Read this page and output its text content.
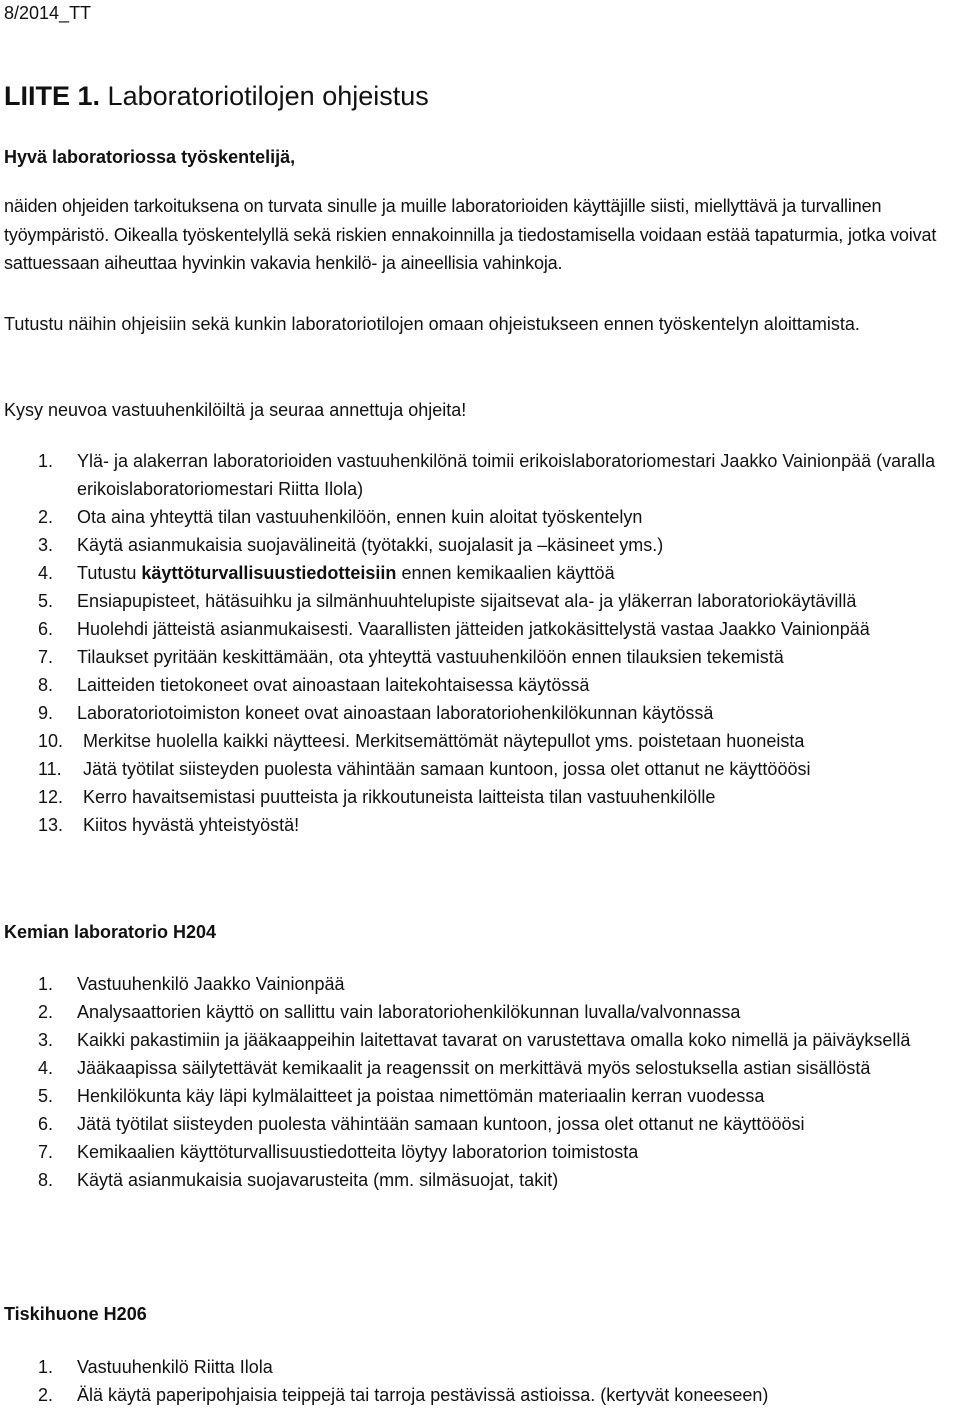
8/2014_TT
LIITE 1. Laboratoriotilojen ohjeistus
Hyvä laboratoriossa työskentelijä,

näiden ohjeiden tarkoituksena on turvata sinulle ja muille laboratorioiden käyttäjille siisti, miellyttävä ja turvallinen työympäristö. Oikealla työskentelyllä sekä riskien ennakoinnilla ja tiedostamisella voidaan estää tapaturmia, jotka voivat sattuessaan aiheuttaa hyvinkin vakavia henkilö- ja aineellisia vahinkoja.

Tutustu näihin ohjeisiin sekä kunkin laboratoriotilojen omaan ohjeistukseen ennen työskentelyn aloittamista.

Kysy neuvoa vastuuhenkilöiltä ja seuraa annettuja ohjeita!

1. Ylä- ja alakerran laboratorioiden vastuuhenkilönä toimii erikoislaboratoriomestari Jaakko Vainionpää (varalla erikoislaboratoriomestari Riitta Ilola)
2. Ota aina yhteyttä tilan vastuuhenkilöön, ennen kuin aloitat työskentelyn
3. Käytä asianmukaisia suojavälineitä (työtakki, suojalasit ja –käsineet yms.)
4. Tutustu käyttöturvallisuustiedotteisiin ennen kemikaalien käyttöä
5. Ensiapupisteet, hätäsuihku ja silmänhuuhtelupiste sijaitsevat ala- ja yläkerran laboratoriokäytävillä
6. Huolehdi jätteistä asianmukaisesti. Vaarallisten jätteiden jatkokäsittelystä vastaa Jaakko Vainionpää
7. Tilaukset pyritään keskittämään, ota yhteyttä vastuuhenkilöön ennen tilauksien tekemistä
8. Laitteiden tietokoneet ovat ainoastaan laitekohtaisessa käytössä
9. Laboratoriotoimiston koneet ovat ainoastaan laboratoriohenkilökunnan käytössä
10. Merkitse huolella kaikki näytteesi. Merkitsemättömät näytepullot yms. poistetaan huoneista
11. Jätä työtilat siisteyden puolesta vähintään samaan kuntoon, jossa olet ottanut ne käyttööösi
12. Kerro havaitsemistasi puutteista ja rikkoutuneista laitteista tilan vastuuhenkilölle
13. Kiitos hyvästä yhteistyöstä!
Kemian laboratorio H204
1. Vastuuhenkilö Jaakko Vainionpää
2. Analysaattorien käyttö on sallittu vain laboratoriohenkilökunnan luvalla/valvonnassa
3. Kaikki pakastimiin ja jääkaappeihin laitettavat tavarat on varustettava omalla koko nimellä ja päiväyksellä
4. Jääkaapissa säilytettävät kemikaalit ja reagenssit on merkittävä myös selostuksella astian sisällöstä
5. Henkilökunta käy läpi kylmälaitteet ja poistaa nimettömän materiaalin kerran vuodessa
6. Jätä työtilat siisteyden puolesta vähintään samaan kuntoon, jossa olet ottanut ne käyttööösi
7. Kemikaalien käyttöturvallisuustiedotteita löytyy laboratorion toimistosta
8. Käytä asianmukaisia suojavarusteita (mm. silmäsuojat, takit)
Tiskihuone H206
1. Vastuuhenkilö Riitta Ilola
2. Älä käytä paperipohjaisia teippejä tai tarroja pestävissä astioissa. (kertyvät koneeseen)
